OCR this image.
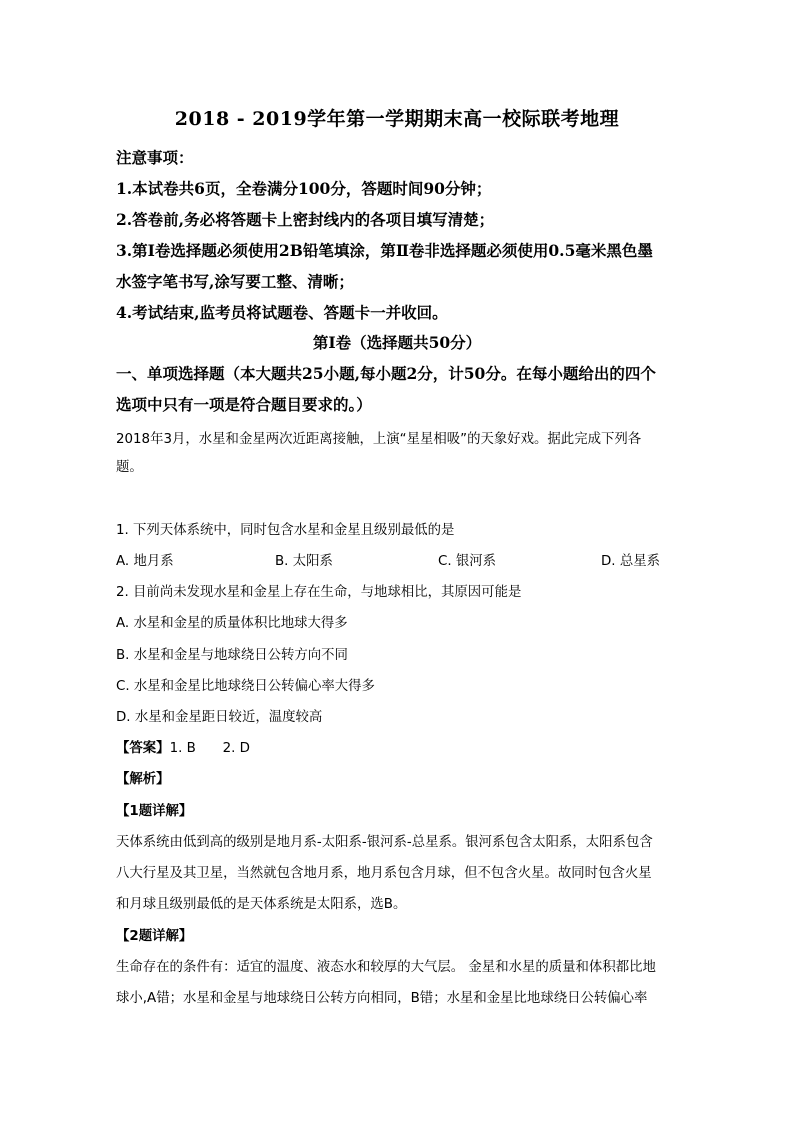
2018 - 2019学年第一学期期末高一校际联考地理
注意事项：
1.本试卷共6页，全卷满分100分，答题时间90分钟；
2.答卷前,务必将答题卡上密封线内的各项目填写清楚；
3.第Ⅰ卷选择题必须使用2B铅笔填涂，第Ⅱ卷非选择题必须使用0.5毫米黑色墨
水签字笔书写,涂写要工整、清晰；
4.考试结束,监考员将试题卷、答题卡一并收回。
第Ⅰ卷（选择题共50分）
一、单项选择题（本大题共25小题,每小题2分，计50分。在每小题给出的四个
选项中只有一项是符合题目要求的。）
2018年3月，水星和金星两次近距离接触，上演“星星相吸”的天象好戏。据此完成下列各
题。
1. 下列天体系统中，同时包含水星和金星且级别最低的是
A. 地月系	B. 太阳系	C. 银河系	D. 总星系
2. 目前尚未发现水星和金星上存在生命，与地球相比，其原因可能是
A. 水星和金星的质量体积比地球大得多
B. 水星和金星与地球绕日公转方向不同
C. 水星和金星比地球绕日公转偏心率大得多
D. 水星和金星距日较近，温度较高
【答案】1. B　　2. D
【解析】
【1题详解】
天体系统由低到高的级别是地月系-太阳系-银河系-总星系。银河系包含太阳系，太阳系包含
八大行星及其卫星，当然就包含地月系，地月系包含月球，但不包含火星。故同时包含火星
和月球且级别最低的是天体系统是太阳系，选B。
【2题详解】
生命存在的条件有：适宜的温度、液态水和较厚的大气层。 金星和水星的质量和体积都比地
球小,A错；水星和金星与地球绕日公转方向相同，B错；水星和金星比地球绕日公转偏心率
